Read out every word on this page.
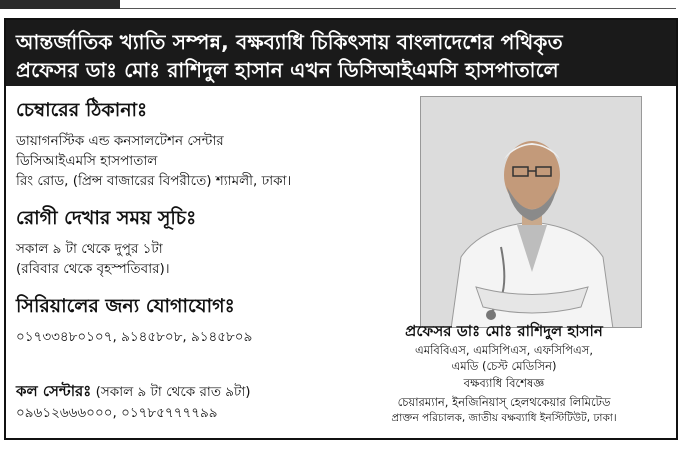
আন্তর্জাতিক খ্যাতি সম্পন্ন, বক্ষব্যাধি চিকিৎসায় বাংলাদেশের পথিকৃত
প্রফেসর ডাঃ মোঃ রাশিদুল হাসান এখন ডিসিআইএমসি হাসপাতালে
চেম্বারের ঠিকানাঃ
ডায়াগনস্টিক এন্ড কনসালটেশন সেন্টার
ডিসিআইএমসি হাসপাতাল
রিং রোড, (প্রিন্স বাজারের বিপরীতে) শ্যামলী, ঢাকা।
রোগী দেখার সময় সূচিঃ
সকাল ৯ টা থেকে দুপুর ১টা
(রবিবার থেকে বৃহস্পতিবার)।
সিরিয়ালের জন্য যোগাযোগঃ
০১৭৩৩৪৮০১০৭, ৯১৪৫৮০৮, ৯১৪৫৮০৯
কল সেন্টারঃ (সকাল ৯ টা থেকে রাত ৯টা)
০৯৬১২৬৬৬০০০, ০১৭৮৫৭৭৭৭৯৯
প্রফেসর ডাঃ মোঃ রাশিদুল হাসান
এমবিবিএস, এমসিপিএস, এফসিপিএস,
এমডি (চেস্ট মেডিসিন)
বক্ষব্যাধি বিশেষজ্ঞ
চেয়ারম্যান, ইনজিনিয়াস্‌ হেলথকেয়ার লিমিটেড
প্রাক্তন পরিচালক, জাতীয় বক্ষব্যাধি ইনস্টিটিউট, ঢাকা।
